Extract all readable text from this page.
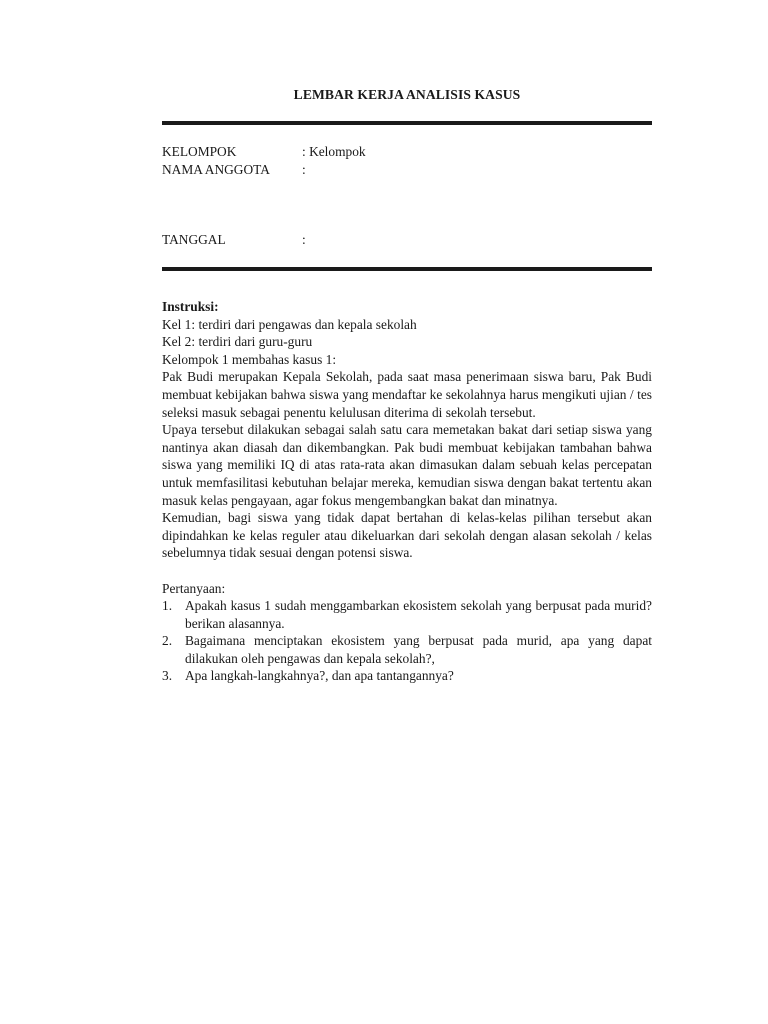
LEMBAR KERJA ANALISIS KASUS
KELOMPOK	: Kelompok
NAMA ANGGOTA :
TANGGAL	:

Instruksi:

Kel 1: terdiri dari pengawas dan kepala sekolah

Kel 2: terdiri dari guru-guru

Kelompok 1 membahas kasus 1:

Pak Budi merupakan Kepala Sekolah, pada saat masa penerimaan siswa baru, Pak Budi membuat kebijakan bahwa siswa yang mendaftar ke sekolahnya harus mengikuti ujian / tes seleksi masuk sebagai penentu kelulusan diterima di sekolah tersebut.

Upaya tersebut dilakukan sebagai salah satu cara memetakan bakat dari setiap siswa yang nantinya akan diasah dan dikembangkan. Pak budi membuat kebijakan tambahan bahwa siswa yang memiliki IQ di atas rata-rata akan dimasukan dalam sebuah kelas percepatan untuk memfasilitasi kebutuhan belajar mereka, kemudian siswa dengan bakat tertentu akan masuk kelas pengayaan, agar fokus mengembangkan bakat dan minatnya.

Kemudian, bagi siswa yang tidak dapat bertahan di kelas-kelas pilihan tersebut akan dipindahkan ke kelas reguler atau dikeluarkan dari sekolah dengan alasan sekolah / kelas sebelumnya tidak sesuai dengan potensi siswa.

Pertanyaan:

1. Apakah kasus 1 sudah menggambarkan ekosistem sekolah yang berpusat pada murid? berikan alasannya.
2. Bagaimana menciptakan ekosistem yang berpusat pada murid, apa yang dapat dilakukan oleh pengawas dan kepala sekolah?,
3. Apa langkah-langkahnya?, dan apa tantangannya?
